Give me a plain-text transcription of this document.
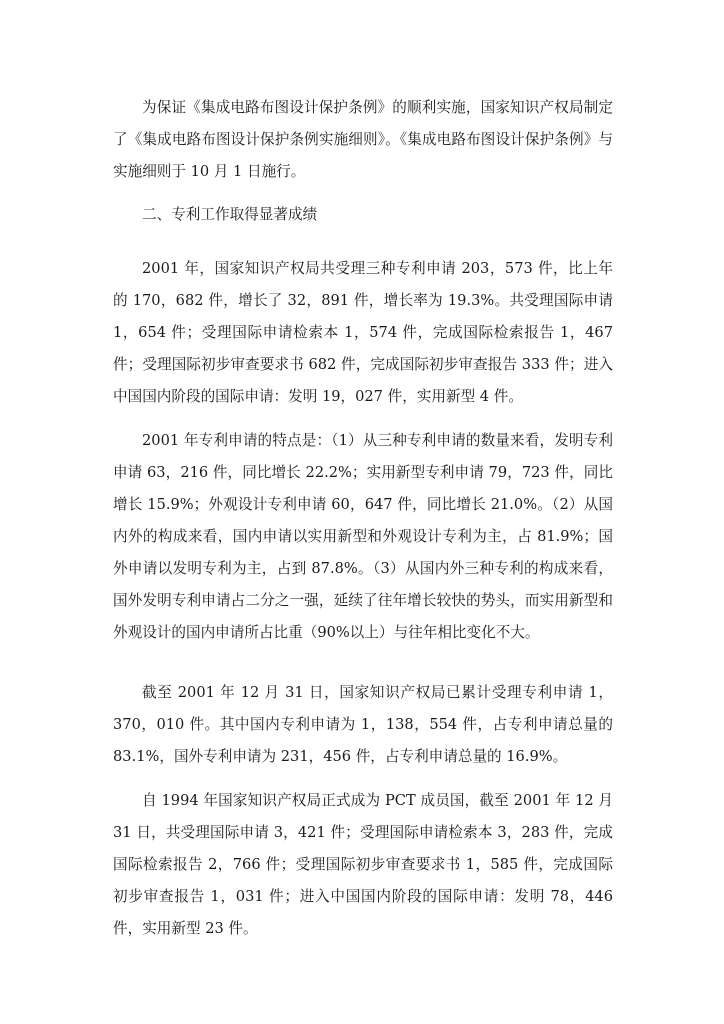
为保证《集成电路布图设计保护条例》的顺利实施，国家知识产权局制定了《集成电路布图设计保护条例实施细则》。《集成电路布图设计保护条例》与实施细则于 10 月 1 日施行。

二、专利工作取得显著成绩

2001 年，国家知识产权局共受理三种专利申请 203，573 件，比上年的 170，682 件，增长了 32，891 件，增长率为 19.3%。共受理国际申请 1，654 件；受理国际申请检索本 1，574 件，完成国际检索报告 1，467 件；受理国际初步审查要求书 682 件，完成国际初步审查报告 333 件；进入中国国内阶段的国际申请：发明 19，027 件，实用新型 4 件。

2001 年专利申请的特点是：（1）从三种专利申请的数量来看，发明专利申请 63，216 件，同比增长 22.2%；实用新型专利申请 79，723 件，同比增长 15.9%；外观设计专利申请 60，647 件，同比增长 21.0%。（2）从国内外的构成来看，国内申请以实用新型和外观设计专利为主，占 81.9%；国外申请以发明专利为主，占到 87.8%。（3）从国内外三种专利的构成来看，国外发明专利申请占二分之一强，延续了往年增长较快的势头，而实用新型和外观设计的国内申请所占比重（90%以上）与往年相比变化不大。

截至 2001 年 12 月 31 日，国家知识产权局已累计受理专利申请 1，370，010 件。其中国内专利申请为 1，138，554 件，占专利申请总量的 83.1%，国外专利申请为 231，456 件，占专利申请总量的 16.9%。

自 1994 年国家知识产权局正式成为 PCT 成员国，截至 2001 年 12 月 31 日，共受理国际申请 3，421 件；受理国际申请检索本 3，283 件，完成国际检索报告 2，766 件；受理国际初步审查要求书 1，585 件，完成国际初步审查报告 1，031 件；进入中国国内阶段的国际申请：发明 78，446 件，实用新型 23 件。
